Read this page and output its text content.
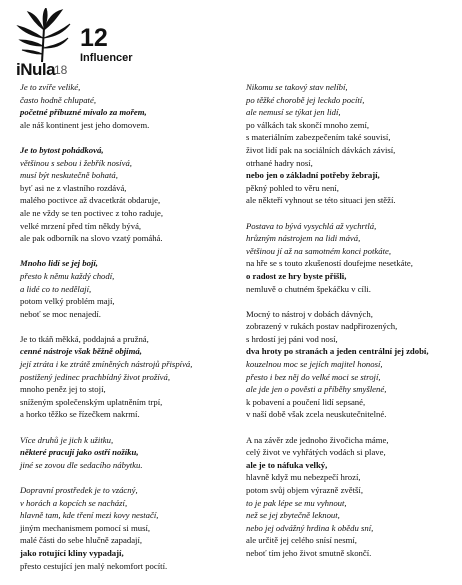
iNula
18
12
Influencer
Je to zvíře veliké,
často hodně chlupaté,
početné příbuzné mívalo za mořem,
ale náš kontinent jest jeho domovem.
Je to bytost pohádková,
většinou s sebou i žebřík nosívá,
musí být neskutečně bohatá,
byť asi ne z vlastního rozdává,
malého poctivce až dvacetkrát obdaruje,
ale ne vždy se ten poctivec z toho raduje,
velké mrzení před tím někdy bývá,
ale pak odborník na slovo vzatý pomáhá.
Mnoho lidí se jej bojí,
přesto k němu každý chodí,
a lidé co to nedělají,
potom velký problém mají,
neboť se moc nenajedí.
Je to tkáň měkká, poddajná a pružná,
cenné nástroje však běžně objímá,
její ztráta i ke ztrátě zmíněných nástrojů přispívá,
postižený jedinec prachbídný život prožívá,
mnoho peněz jej to stojí,
sníženým společenským uplatněním trpí,
a horko těžko se řízečkem nakrmí.
Více druhů je jich k užitku,
některé pracují jako ostří nožíku,
jiné se zovou dle sedacího nábytku.
Dopravní prostředek je to vzácný,
v horách a kopcích se nachází,
hlavně tam, kde tření mezi kovy nestačí,
jiným mechanismem pomocí si musí,
malé části do sebe hlučně zapadají,
jako rotující kliny vypadají,
přesto cestující jen malý nekomfort pocítí.
Nikomu se takový stav nelíbí,
po těžké chorobě jej leckdo pocítí,
ale nemusí se týkat jen lidí,
po válkách tak skončí mnoho zemí,
s materiálním zabezpečením také souvisí,
život lidí pak na sociálních dávkách závisí,
otrhané hadry nosí,
nebo jen o základní potřeby žebrají,
pěkný pohled to věru není,
ale někteří vyhnout se této situaci jen stěží.
Postava to bývá vysychlá až vychrtlá,
hrůzným nástrojem na lidi mává,
většinou jí až na samotném konci potkáte,
na hře se s touto zkušeností doufejme nesetkáte,
o radost ze hry byste přišli,
nemluvě o chutném špekáčku v cíli.
Mocný to nástroj v dobách dávných,
zobrazený v rukách postav nadpřirozených,
s hrdostí jej páni vod nosí,
dva hroty po stranách a jeden centrální jej zdobí,
kouzelnou moc se jejích majitel honosí,
přesto i bez něj do velké moci se strojí,
ale jde jen o pověsti a příběhy smyšlené,
k pobavení a poučení lidí sepsané,
v naší době však zcela neuskutečnitelné.
A na závěr zde jednoho živočicha máme,
celý život ve vyhřátých vodách si plave,
ale je to náfuka velký,
hlavně když mu nebezpečí hrozí,
potom svůj objem výrazně zvětší,
to je pak lépe se mu vyhnout,
než se jej zbytečně leknout,
nebo jej odvážný hrdina k obědu sní,
ale určitě jej celého snísí nesmí,
neboť tím jeho život smutně skončí.
